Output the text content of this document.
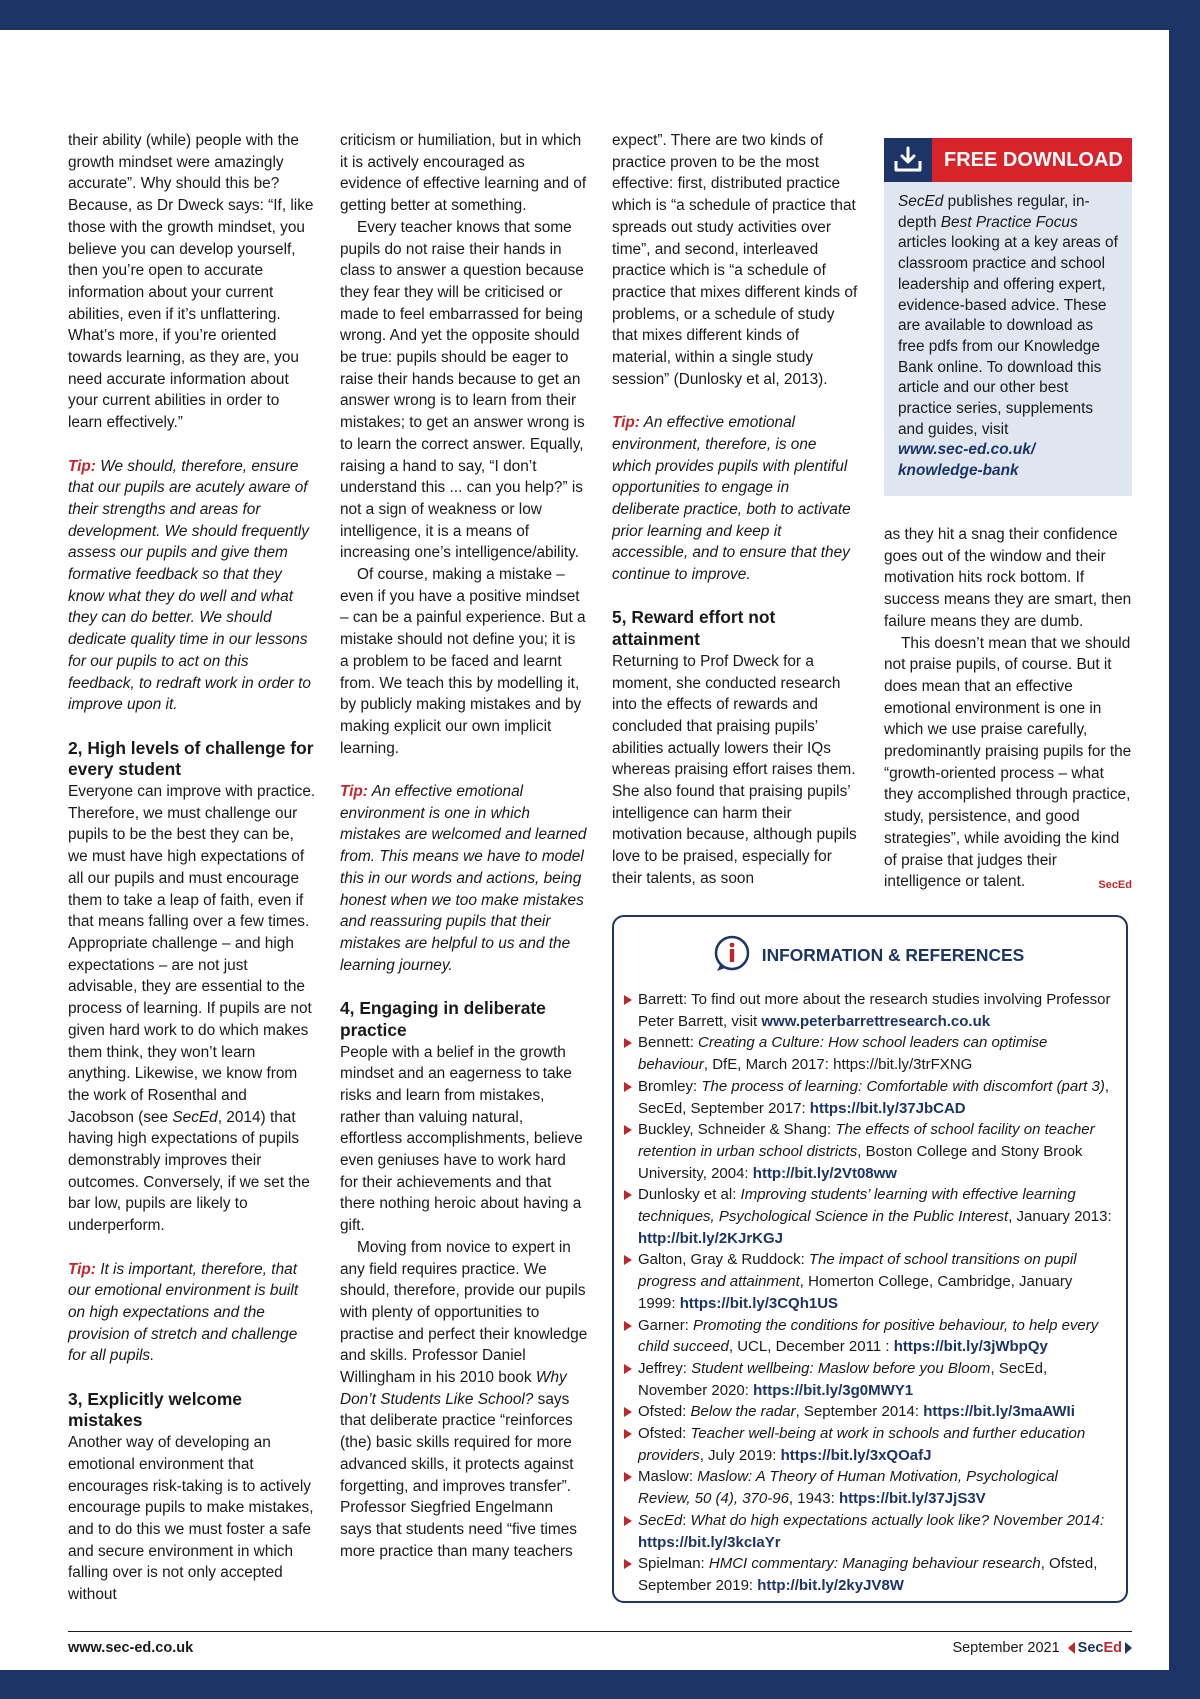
their ability (while) people with the growth mindset were amazingly accurate”. Why should this be? Because, as Dr Dweck says: “If, like those with the growth mindset, you believe you can develop yourself, then you’re open to accurate information about your current abilities, even if it’s unflattering. What’s more, if you’re oriented towards learning, as they are, you need accurate information about your current abilities in order to learn effectively.”

Tip: We should, therefore, ensure that our pupils are acutely aware of their strengths and areas for development. We should frequently assess our pupils and give them formative feedback so that they know what they do well and what they can do better. We should dedicate quality time in our lessons for our pupils to act on this feedback, to redraft work in order to improve upon it.

2, High levels of challenge for every student

Everyone can improve with practice. Therefore, we must challenge our pupils to be the best they can be, we must have high expectations of all our pupils and must encourage them to take a leap of faith, even if that means falling over a few times. Appropriate challenge – and high expectations – are not just advisable, they are essential to the process of learning. If pupils are not given hard work to do which makes them think, they won’t learn anything. Likewise, we know from the work of Rosenthal and Jacobson (see SecEd, 2014) that having high expectations of pupils demonstrably improves their outcomes. Conversely, if we set the bar low, pupils are likely to underperform.

Tip: It is important, therefore, that our emotional environment is built on high expectations and the provision of stretch and challenge for all pupils.

3, Explicitly welcome mistakes

Another way of developing an emotional environment that encourages risk-taking is to actively encourage pupils to make mistakes, and to do this we must foster a safe and secure environment in which falling over is not only accepted without

criticism or humiliation, but in which it is actively encouraged as evidence of effective learning and of getting better at something.

Every teacher knows that some pupils do not raise their hands in class to answer a question because they fear they will be criticised or made to feel embarrassed for being wrong. And yet the opposite should be true: pupils should be eager to raise their hands because to get an answer wrong is to learn from their mistakes; to get an answer wrong is to learn the correct answer. Equally, raising a hand to say, “I don’t understand this ... can you help?” is not a sign of weakness or low intelligence, it is a means of increasing one’s intelligence/ability.

Of course, making a mistake – even if you have a positive mindset – can be a painful experience. But a mistake should not define you; it is a problem to be faced and learnt from. We teach this by modelling it, by publicly making mistakes and by making explicit our own implicit learning.

Tip: An effective emotional environment is one in which mistakes are welcomed and learned from. This means we have to model this in our words and actions, being honest when we too make mistakes and reassuring pupils that their mistakes are helpful to us and the learning journey.

4, Engaging in deliberate practice

People with a belief in the growth mindset and an eagerness to take risks and learn from mistakes, rather than valuing natural, effortless accomplishments, believe even geniuses have to work hard for their achievements and that there nothing heroic about having a gift.

Moving from novice to expert in any field requires practice. We should, therefore, provide our pupils with plenty of opportunities to practise and perfect their knowledge and skills. Professor Daniel Willingham in his 2010 book Why Don’t Students Like School? says that deliberate practice “reinforces (the) basic skills required for more advanced skills, it protects against forgetting, and improves transfer”. Professor Siegfried Engelmann says that students need “five times more practice than many teachers

expect”. There are two kinds of practice proven to be the most effective: first, distributed practice which is “a schedule of practice that spreads out study activities over time”, and second, interleaved practice which is “a schedule of practice that mixes different kinds of problems, or a schedule of study that mixes different kinds of material, within a single study session” (Dunlosky et al, 2013).

Tip: An effective emotional environment, therefore, is one which provides pupils with plentiful opportunities to engage in deliberate practice, both to activate prior learning and keep it accessible, and to ensure that they continue to improve.

5, Reward effort not attainment

Returning to Prof Dweck for a moment, she conducted research into the effects of rewards and concluded that praising pupils’ abilities actually lowers their IQs whereas praising effort raises them. She also found that praising pupils’ intelligence can harm their motivation because, although pupils love to be praised, especially for their talents, as soon

FREE DOWNLOAD
SecEd publishes regular, in-depth Best Practice Focus articles looking at a key areas of classroom practice and school leadership and offering expert, evidence-based advice. These are available to download as free pdfs from our Knowledge Bank online. To download this article and our other best practice series, supplements and guides, visit
www.sec-ed.co.uk/
knowledge-bank

as they hit a snag their confidence goes out of the window and their motivation hits rock bottom. If success means they are smart, then failure means they are dumb.

This doesn’t mean that we should not praise pupils, of course. But it does mean that an effective emotional environment is one in which we use praise carefully, predominantly praising pupils for the “growth-oriented process – what they accomplished through practice, study, persistence, and good strategies”, while avoiding the kind of praise that judges their intelligence or talent.	SecEd

INFORMATION & REFERENCES
Barrett: To find out more about the research studies involving Professor Peter Barrett, visit www.peterbarrettresearch.co.uk
Bennett: Creating a Culture: How school leaders can optimise behaviour, DfE, March 2017: https://bit.ly/3trFXNG
Bromley: The process of learning: Comfortable with discomfort (part 3), SecEd, September 2017: https://bit.ly/37JbCAD
Buckley, Schneider & Shang: The effects of school facility on teacher retention in urban school districts, Boston College and Stony Brook University, 2004: http://bit.ly/2Vt08ww
Dunlosky et al: Improving students’ learning with effective learning techniques, Psychological Science in the Public Interest, January 2013: http://bit.ly/2KJrKGJ
Galton, Gray & Ruddock: The impact of school transitions on pupil progress and attainment, Homerton College, Cambridge, January 1999: https://bit.ly/3CQh1US
Garner: Promoting the conditions for positive behaviour, to help every child succeed, UCL, December 2011 : https://bit.ly/3jWbpQy
Jeffrey: Student wellbeing: Maslow before you Bloom, SecEd, November 2020: https://bit.ly/3g0MWY1
Ofsted: Below the radar, September 2014: https://bit.ly/3maAWIi
Ofsted: Teacher well-being at work in schools and further education providers, July 2019: https://bit.ly/3xQOafJ
Maslow: Maslow: A Theory of Human Motivation, Psychological Review, 50 (4), 370-96, 1943: https://bit.ly/37JjS3V
SecEd: What do high expectations actually look like? November 2014: https://bit.ly/3kcIaYr
Spielman: HMCI commentary: Managing behaviour research, Ofsted, September 2019: http://bit.ly/2kyJV8W
www.sec-ed.co.uk	September 2021 SecEd
